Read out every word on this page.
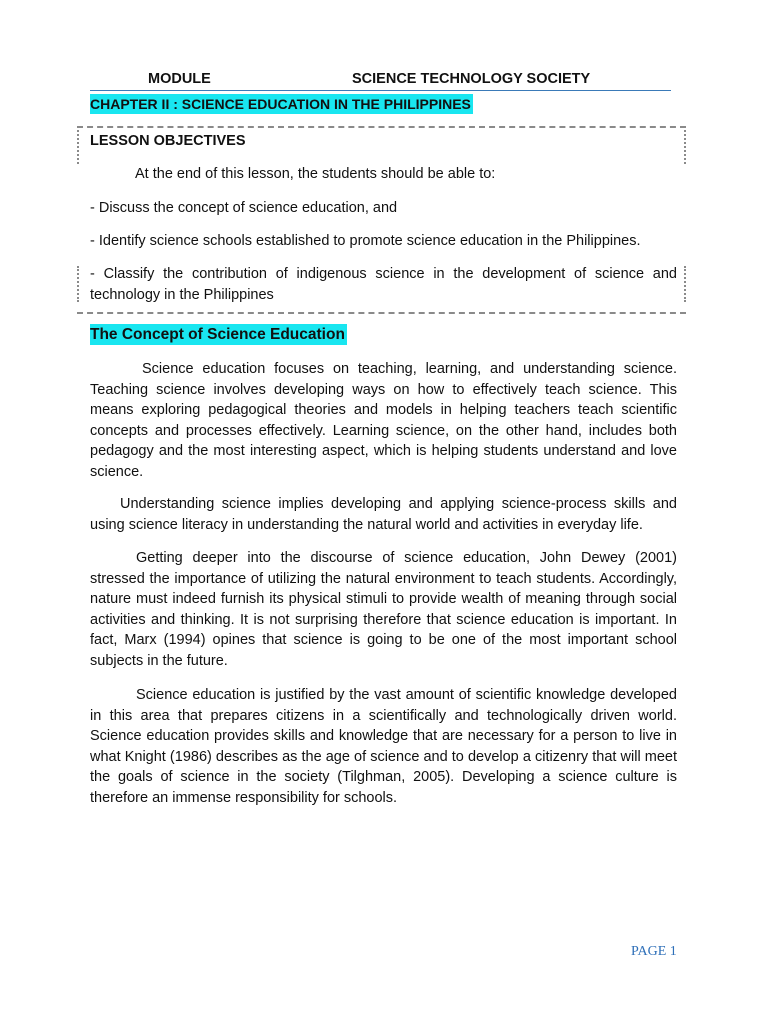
MODULE	SCIENCE TECHNOLOGY SOCIETY
CHAPTER II : SCIENCE EDUCATION IN THE PHILIPPINES
LESSON OBJECTIVES
At the end of this lesson, the students should be able to:
- Discuss the concept of science education, and
- Identify science schools established to promote science education in the Philippines.
- Classify the contribution of indigenous science in the development of science and technology in the Philippines
The Concept of Science Education

Science education focuses on teaching, learning, and understanding science. Teaching science involves developing ways on how to effectively teach science. This means exploring pedagogical theories and models in helping teachers teach scientific concepts and processes effectively. Learning science, on the other hand, includes both pedagogy and the most interesting aspect, which is helping students understand and love science.

Understanding science implies developing and applying science-process skills and using science literacy in understanding the natural world and activities in everyday life.

Getting deeper into the discourse of science education, John Dewey (2001) stressed the importance of utilizing the natural environment to teach students. Accordingly, nature must indeed furnish its physical stimuli to provide wealth of meaning through social activities and thinking. It is not surprising therefore that science education is important. In fact, Marx (1994) opines that science is going to be one of the most important school subjects in the future.

Science education is justified by the vast amount of scientific knowledge developed in this area that prepares citizens in a scientifically and technologically driven world. Science education provides skills and knowledge that are necessary for a person to live in what Knight (1986) describes as the age of science and to develop a citizenry that will meet the goals of science in the society (Tilghman, 2005). Developing a science culture is therefore an immense responsibility for schools.

PAGE 1
